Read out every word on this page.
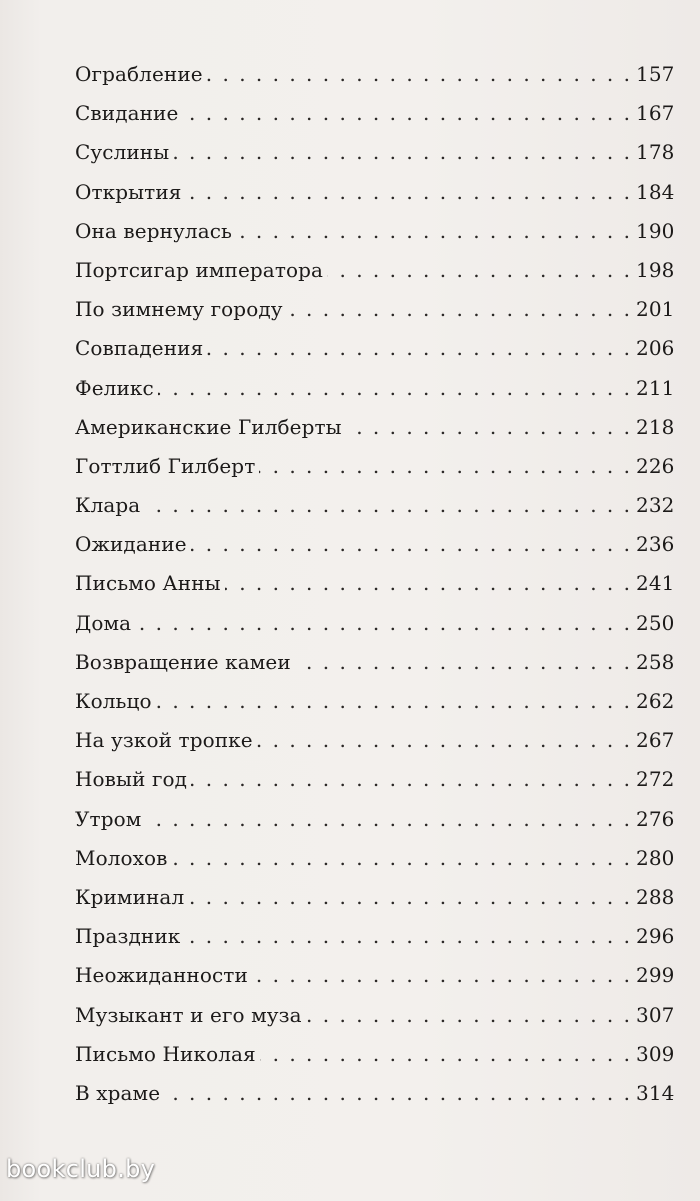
Ограбление . . .	157
Свидание . . .	167
Суслины . . .	178
Открытия . . .	184
Она вернулась . . .	190
Портсигар императора . . .	198
По зимнему городу . . .	201
Совпадения . . .	206
Феликс . . .	211
Американские Гилберты . . .	218
Готтлиб Гилберт . . .	226
Клара . . .	232
Ожидание . . .	236
Письмо Анны . . .	241
Дома . . .	250
Возвращение камеи . . .	258
Кольцо . . .	262
На узкой тропке . . .	267
Новый год . . .	272
Утром . . .	276
Молохов . . .	280
Криминал . . .	288
Праздник . . .	296
Неожиданности . . .	299
Музыкант и его муза . . .	307
Письмо Николая . . .	309
В храме . . .	314
bookclub.by
